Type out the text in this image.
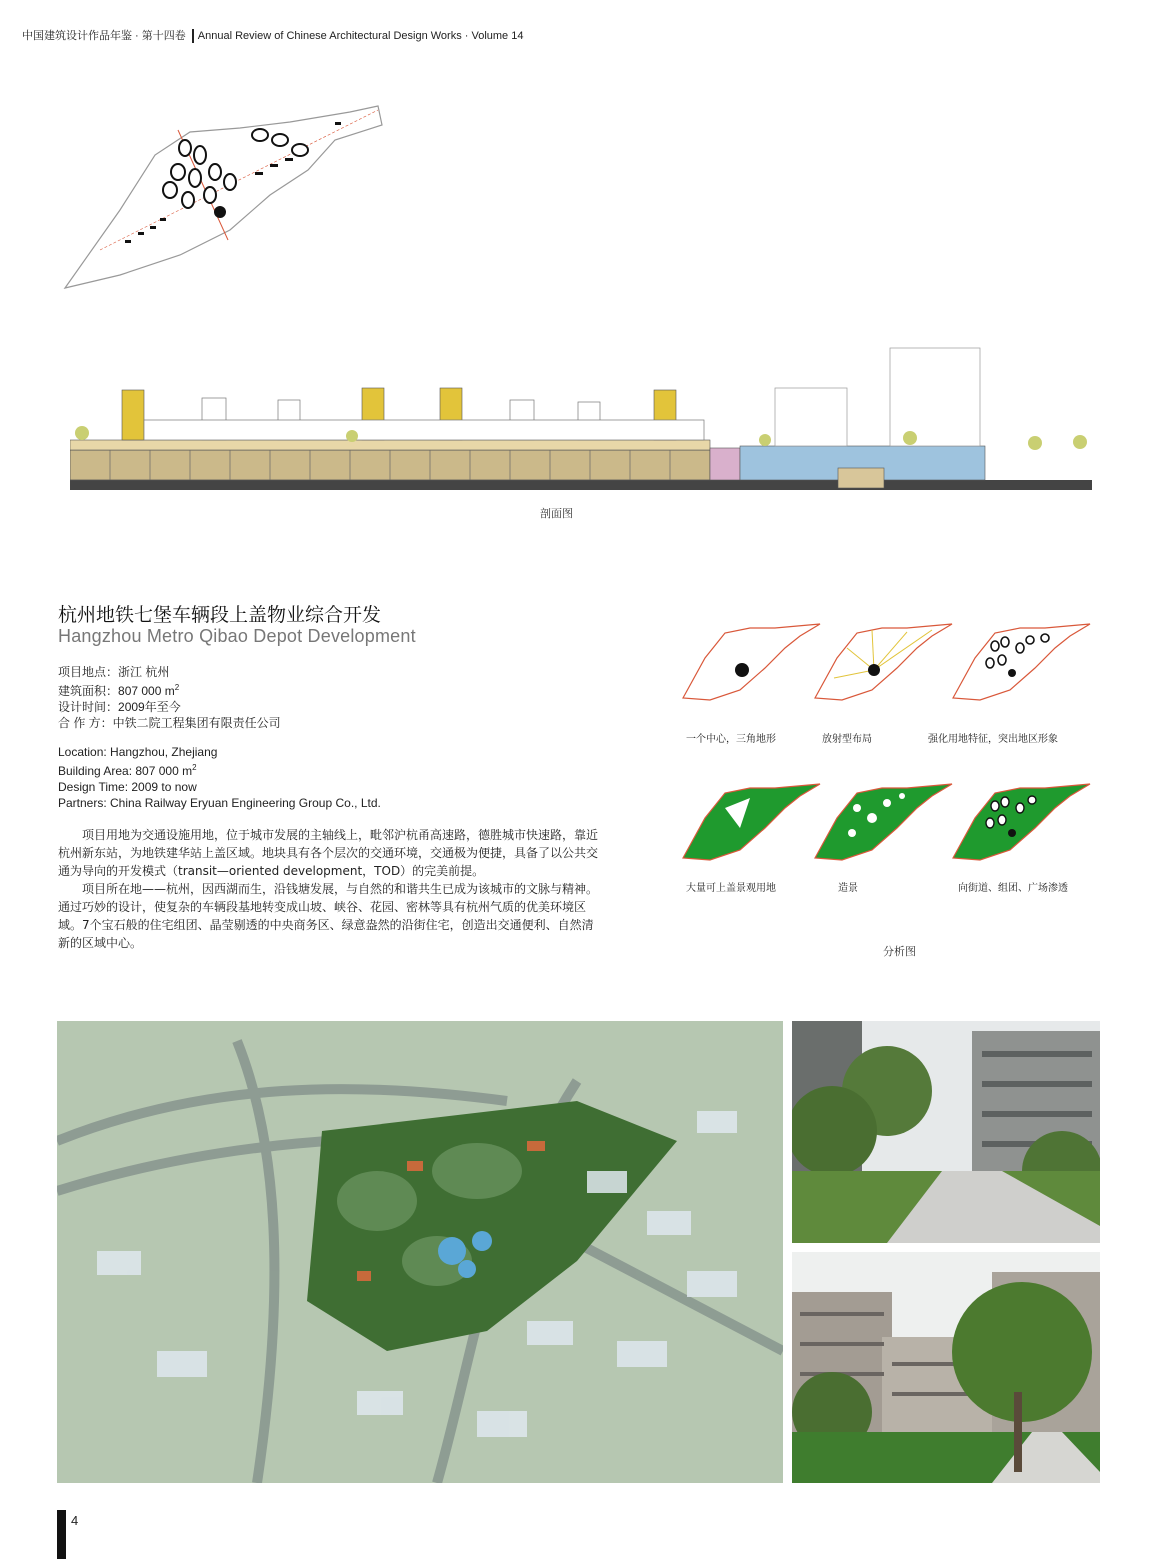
中国建筑设计作品年鉴 · 第十四卷 Annual Review of Chinese Architectural Design Works · Volume 14
剖面图
杭州地铁七堡车辆段上盖物业综合开发
Hangzhou Metro Qibao Depot Development
项目地点：浙江 杭州
建筑面积：807 000 $m^2$
设计时间：2009年至今
合 作 方：中铁二院工程集团有限责任公司
Location: Hangzhou, Zhejiang
Building Area: 807 000 $m^2$
Design Time: 2009 to now
Partners: China Railway Eryuan Engineering Group Co., Ltd.

项目用地为交通设施用地，位于城市发展的主轴线上，毗邻沪杭甬高速路，德胜城市快速路，靠近杭州新东站，为地铁建华站上盖区域。地块具有各个层次的交通环境，交通极为便捷，具备了以公共交通为导向的开发模式（transit—oriented development，TOD）的完美前提。

项目所在地——杭州，因西湖而生，沿钱塘发展，与自然的和谐共生已成为该城市的文脉与精神。通过巧妙的设计，使复杂的车辆段基地转变成山坡、峡谷、花园、密林等具有杭州气质的优美环境区域。7个宝石般的住宅组团、晶莹剔透的中央商务区、绿意盎然的沿街住宅，创造出交通便利、自然清新的区域中心。

一个中心，三角地形	放射型布局	强化用地特征，突出地区形象
大量可上盖景观用地	造景	向街道、组团、广场渗透
分析图
4
